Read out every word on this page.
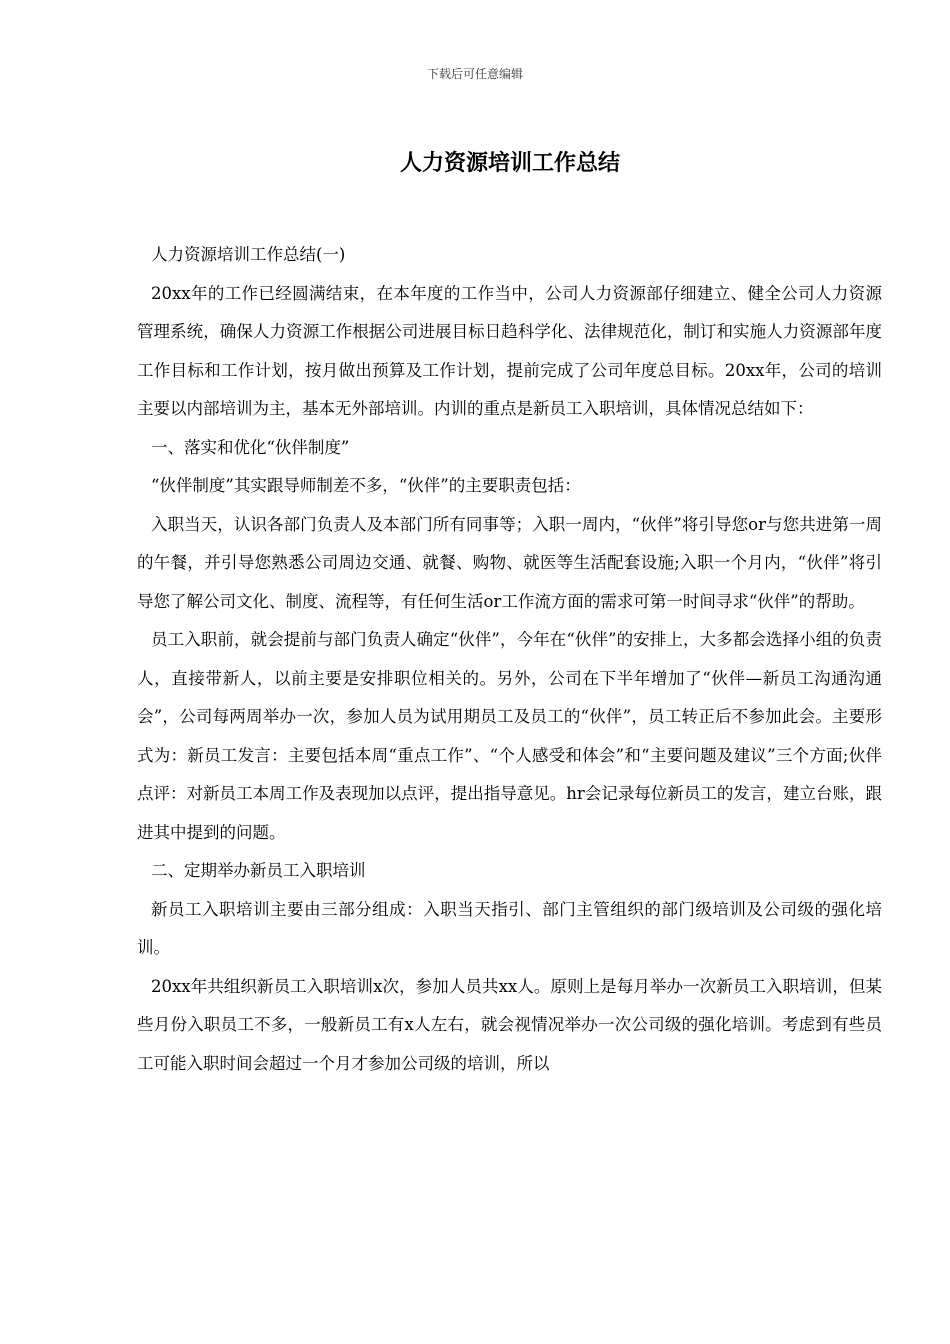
下载后可任意编辑
人力资源培训工作总结

人力资源培训工作总结(一)

20xx年的工作已经圆满结束，在本年度的工作当中，公司人力资源部仔细建立、健全公司人力资源管理系统，确保人力资源工作根据公司进展目标日趋科学化、法律规范化，制订和实施人力资源部年度工作目标和工作计划，按月做出预算及工作计划，提前完成了公司年度总目标。20xx年，公司的培训主要以内部培训为主，基本无外部培训。内训的重点是新员工入职培训，具体情况总结如下：

一、落实和优化“伙伴制度”

“伙伴制度”其实跟导师制差不多，“伙伴”的主要职责包括：

入职当天，认识各部门负责人及本部门所有同事等；入职一周内，“伙伴”将引导您or与您共进第一周的午餐，并引导您熟悉公司周边交通、就餐、购物、就医等生活配套设施;入职一个月内，“伙伴”将引导您了解公司文化、制度、流程等，有任何生活or工作流方面的需求可第一时间寻求“伙伴”的帮助。

员工入职前，就会提前与部门负责人确定“伙伴”，今年在“伙伴”的安排上，大多都会选择小组的负责人，直接带新人，以前主要是安排职位相关的。另外，公司在下半年增加了“伙伴—新员工沟通沟通会”，公司每两周举办一次，参加人员为试用期员工及员工的“伙伴”，员工转正后不参加此会。主要形式为：新员工发言：主要包括本周“重点工作”、“个人感受和体会”和“主要问题及建议”三个方面;伙伴点评：对新员工本周工作及表现加以点评，提出指导意见。hr会记录每位新员工的发言，建立台账，跟进其中提到的问题。

二、定期举办新员工入职培训

新员工入职培训主要由三部分组成：入职当天指引、部门主管组织的部门级培训及公司级的强化培训。

20xx年共组织新员工入职培训x次，参加人员共xx人。原则上是每月举办一次新员工入职培训，但某些月份入职员工不多，一般新员工有x人左右，就会视情况举办一次公司级的强化培训。考虑到有些员工可能入职时间会超过一个月才参加公司级的培训，所以
